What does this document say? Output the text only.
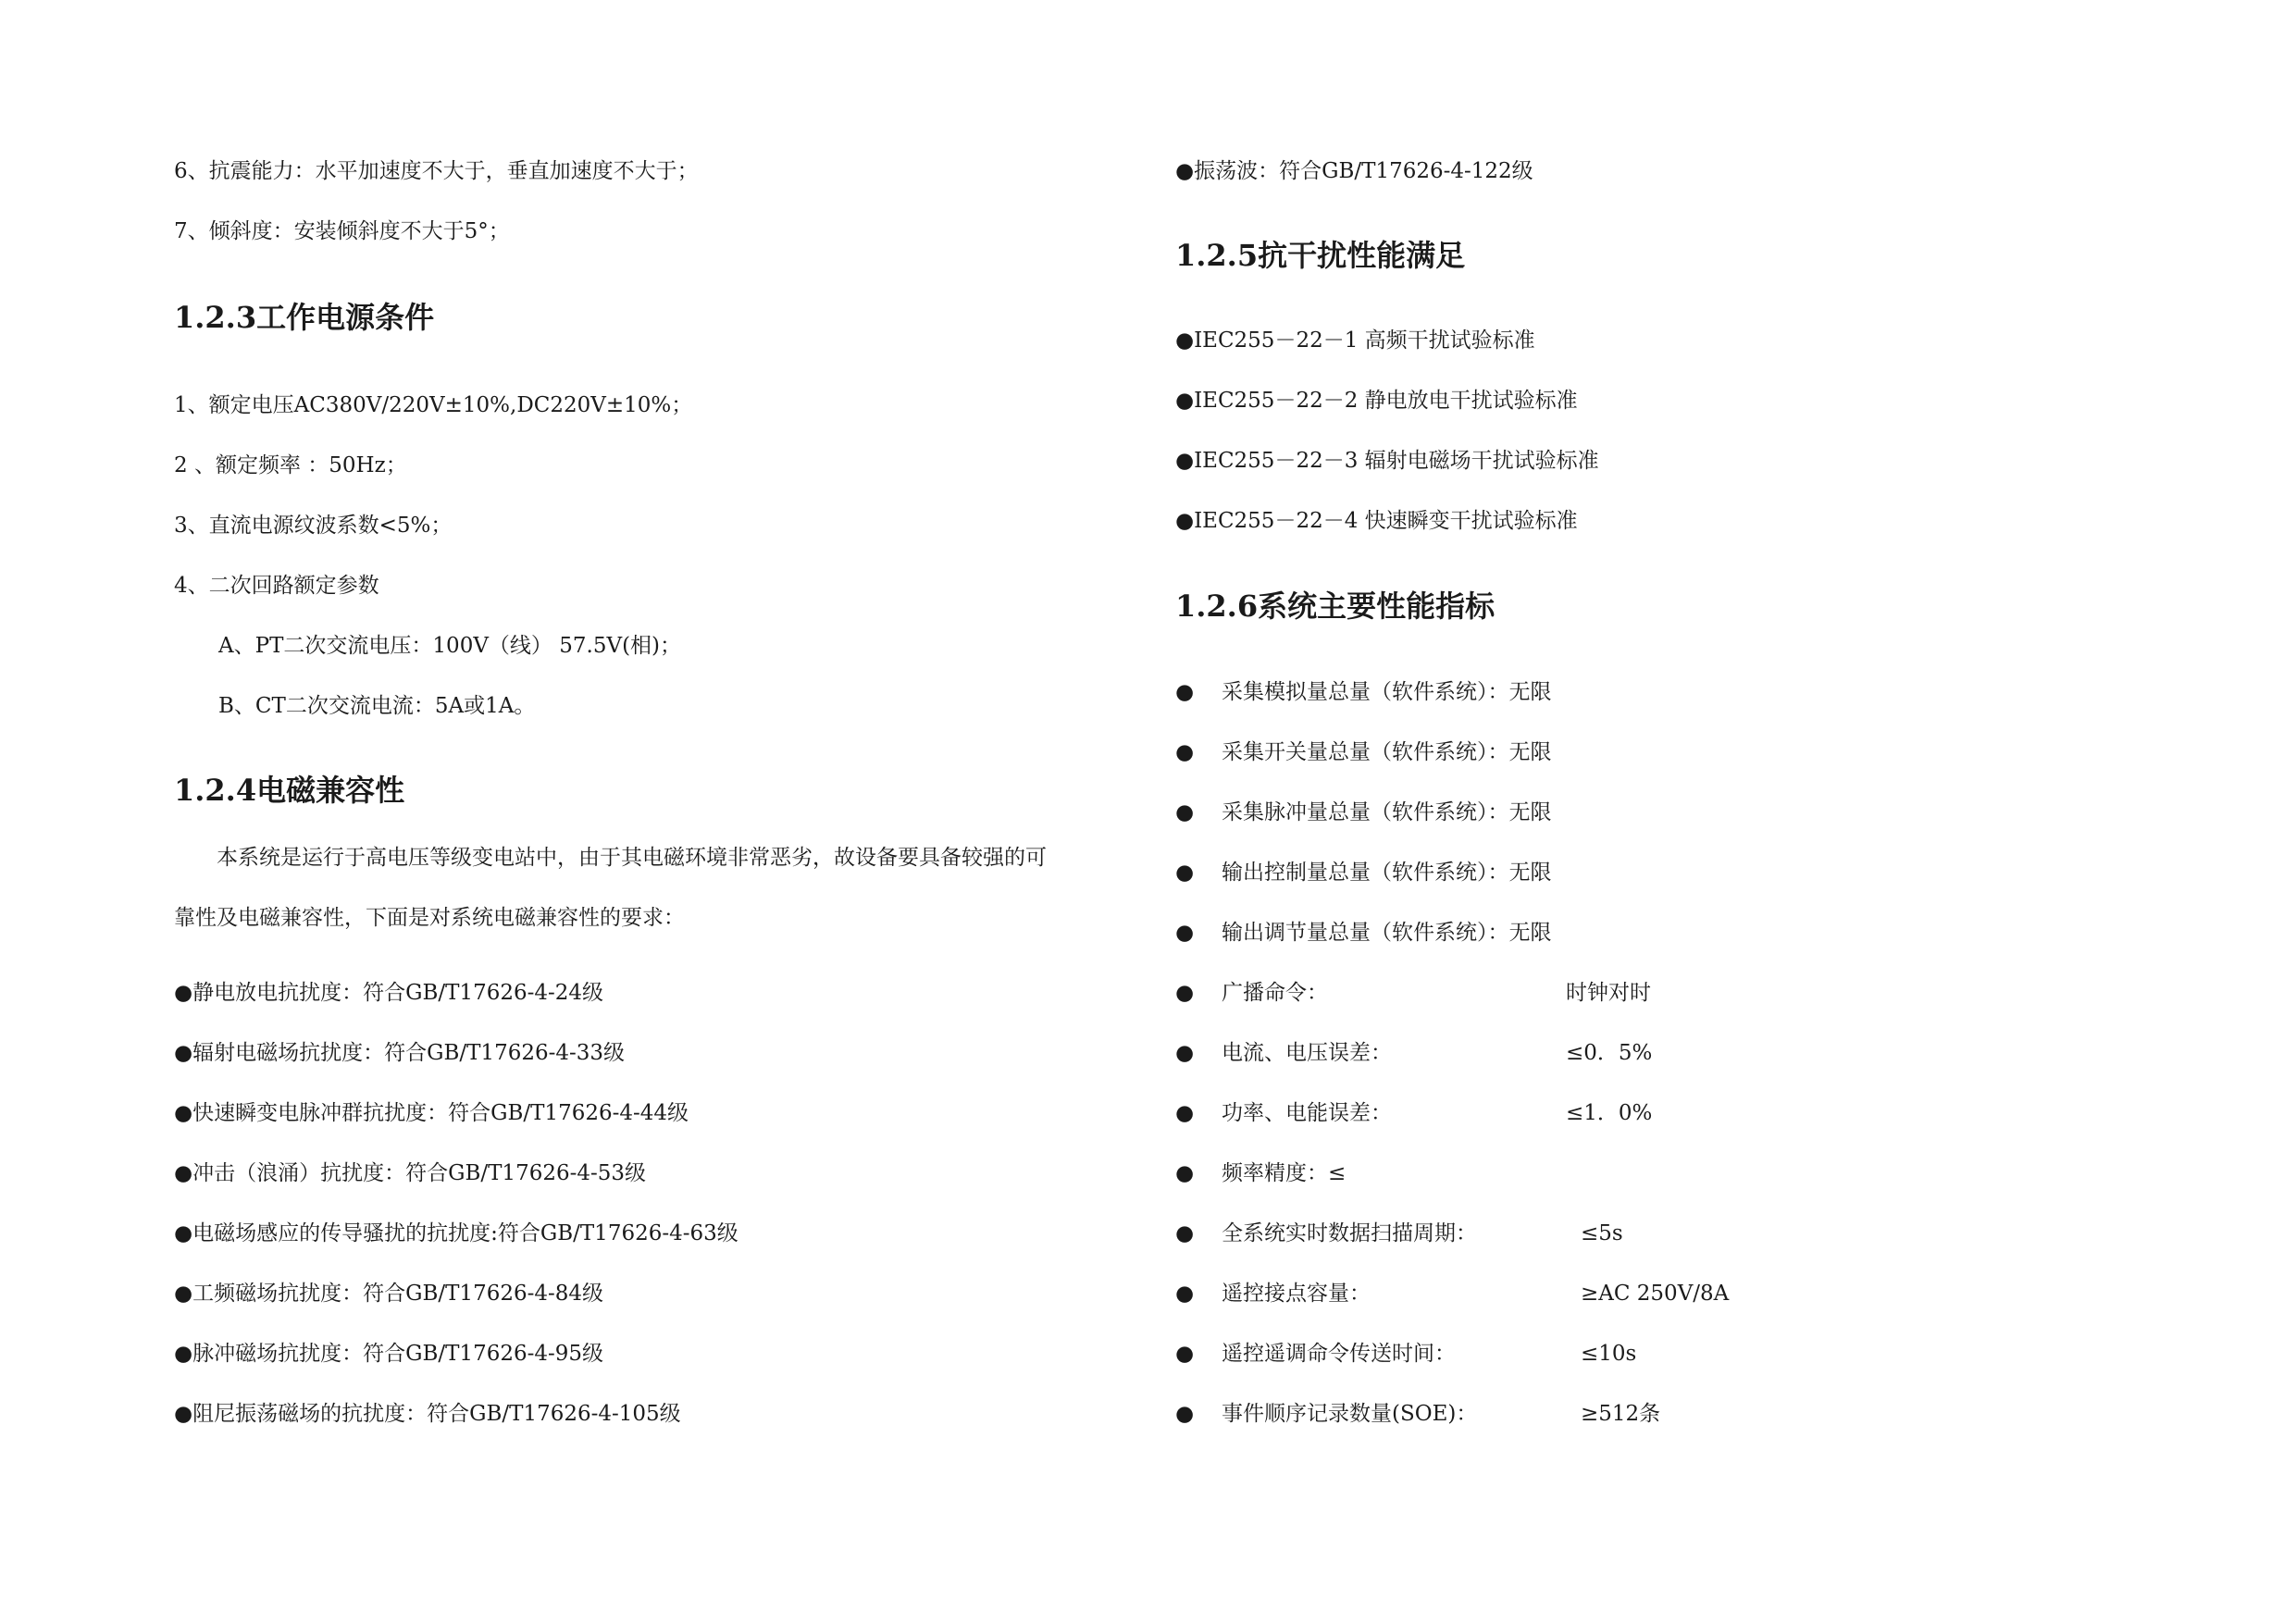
6、抗震能力：水平加速度不大于，垂直加速度不大于；
7、倾斜度：安装倾斜度不大于5°；
1.2.3工作电源条件
1、额定电压AC380V/220V±10%,DC220V±10%；
2 、额定频率 ：50Hz；
3、直流电源纹波系数<5%；
4、二次回路额定参数
A、PT二次交流电压：100V（线） 57.5V(相)；
B、CT二次交流电流：5A或1A。
1.2.4电磁兼容性
本系统是运行于高电压等级变电站中，由于其电磁环境非常恶劣，故设备要具备较强的可
靠性及电磁兼容性，下面是对系统电磁兼容性的要求：
●静电放电抗扰度：符合GB/T17626-4-24级
●辐射电磁场抗扰度：符合GB/T17626-4-33级
●快速瞬变电脉冲群抗扰度：符合GB/T17626-4-44级
●冲击（浪涌）抗扰度：符合GB/T17626-4-53级
●电磁场感应的传导骚扰的抗扰度:符合GB/T17626-4-63级
●工频磁场抗扰度：符合GB/T17626-4-84级
●脉冲磁场抗扰度：符合GB/T17626-4-95级
●阻尼振荡磁场的抗扰度：符合GB/T17626-4-105级
●振荡波：符合GB/T17626-4-122级
1.2.5抗干扰性能满足
●IEC255－22－1 高频干扰试验标准
●IEC255－22－2 静电放电干扰试验标准
●IEC255－22－3 辐射电磁场干扰试验标准
●IEC255－22－4 快速瞬变干扰试验标准
1.2.6系统主要性能指标
● 采集模拟量总量（软件系统）：无限
● 采集开关量总量（软件系统）：无限
● 采集脉冲量总量（软件系统）：无限
● 输出控制量总量（软件系统）：无限
● 输出调节量总量（软件系统）：无限
● 广播命令：	时钟对时
● 电流、电压误差：	≤0．5%
● 功率、电能误差：	≤1．0%
● 频率精度：≤
● 全系统实时数据扫描周期：	≤5s
● 遥控接点容量：	≥AC 250V/8A
● 遥控遥调命令传送时间：	≤10s
● 事件顺序记录数量(SOE)：	≥512条
